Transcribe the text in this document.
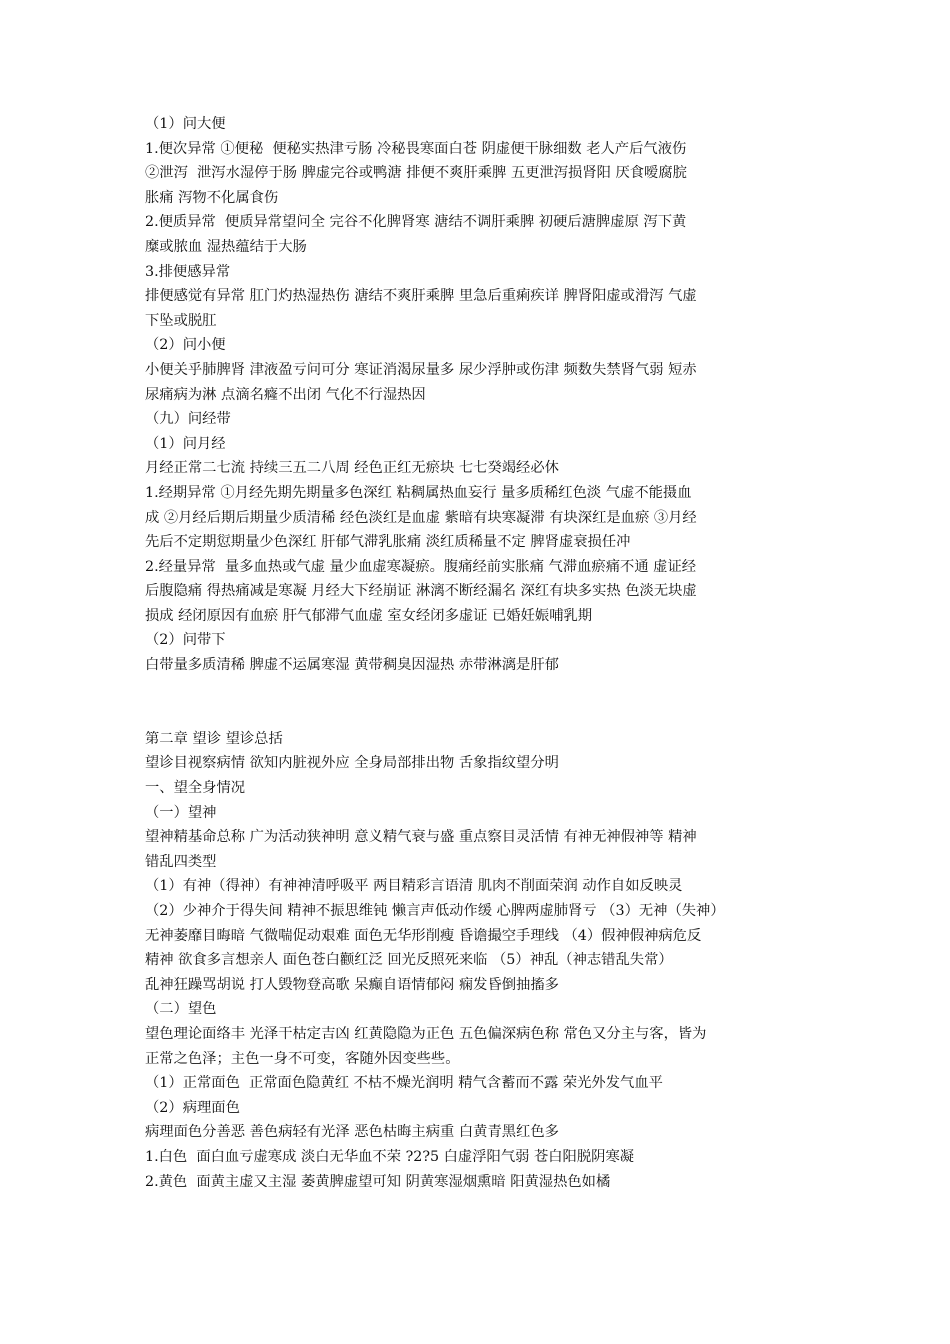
（1）问大便
1.便次异常 ①便秘  便秘实热津亏肠 冷秘畏寒面白苍 阴虚便干脉细数 老人产后气液伤
②泄泻  泄泻水湿停于肠 脾虚完谷或鸭溏 排便不爽肝乘脾 五更泄泻损肾阳 厌食嗳腐脘
胀痛 泻物不化属食伤
2.便质异常  便质异常望问全 完谷不化脾肾寒 溏结不调肝乘脾 初硬后溏脾虚原 泻下黄
糜或脓血 湿热蕴结于大肠
3.排便感异常
排便感觉有异常 肛门灼热湿热伤 溏结不爽肝乘脾 里急后重痢疾详 脾肾阳虚或滑泻 气虚
下坠或脱肛
（2）问小便
小便关乎肺脾肾 津液盈亏问可分 寒证消渴尿量多 尿少浮肿或伤津 频数失禁肾气弱 短赤
尿痛病为淋 点滴名癃不出闭 气化不行湿热因
（九）问经带
（1）问月经
月经正常二七流 持续三五二八周 经色正红无瘀块 七七癸竭经必休
1.经期异常 ①月经先期先期量多色深红 粘稠属热血妄行 量多质稀红色淡 气虚不能摄血
成 ②月经后期后期量少质清稀 经色淡红是血虚 紫暗有块寒凝滞 有块深红是血瘀 ③月经
先后不定期愆期量少色深红 肝郁气滞乳胀痛 淡红质稀量不定 脾肾虚衰损任冲
2.经量异常  量多血热或气虚 量少血虚寒凝瘀。腹痛经前实胀痛 气滞血瘀痛不通 虚证经
后腹隐痛 得热痛减是寒凝 月经大下经崩证 淋漓不断经漏名 深红有块多实热 色淡无块虚
损成 经闭原因有血瘀 肝气郁滞气血虚 室女经闭多虚证 已婚妊娠哺乳期
（2）问带下
白带量多质清稀 脾虚不运属寒湿 黄带稠臭因湿热 赤带淋漓是肝郁
第二章 望诊 望诊总括
望诊目视察病情 欲知内脏视外应 全身局部排出物 舌象指纹望分明
一、望全身情况
（一）望神
望神精基命总称 广为活动狭神明 意义精气衰与盛 重点察目灵活情 有神无神假神等 精神
错乱四类型
（1）有神（得神）有神神清呼吸平 两目精彩言语清 肌肉不削面荣润 动作自如反映灵
（2）少神介于得失间 精神不振思维钝 懒言声低动作缓 心脾两虚肺肾亏 （3）无神（失神）
无神萎靡目晦暗 气微喘促动艰难 面色无华形削瘦 昏谵撮空手理线 （4）假神假神病危反
精神 欲食多言想亲人 面色苍白颧红泛 回光反照死来临 （5）神乱（神志错乱失常）
乱神狂躁骂胡说 打人毁物登高歌 呆癫自语情郁闷 痫发昏倒抽搐多
（二）望色
望色理论面络丰 光泽干枯定吉凶 红黄隐隐为正色 五色偏深病色称 常色又分主与客，皆为
正常之色泽；主色一身不可变，客随外因变些些。
（1）正常面色  正常面色隐黄红 不枯不燥光润明 精气含蓄而不露 荣光外发气血平
（2）病理面色
病理面色分善恶 善色病轻有光泽 恶色枯晦主病重 白黄青黑红色多
1.白色  面白血亏虚寒成 淡白无华血不荣 ?2?5 白虚浮阳气弱 苍白阳脱阴寒凝
2.黄色  面黄主虚又主湿 萎黄脾虚望可知 阴黄寒湿烟熏暗 阳黄湿热色如橘
